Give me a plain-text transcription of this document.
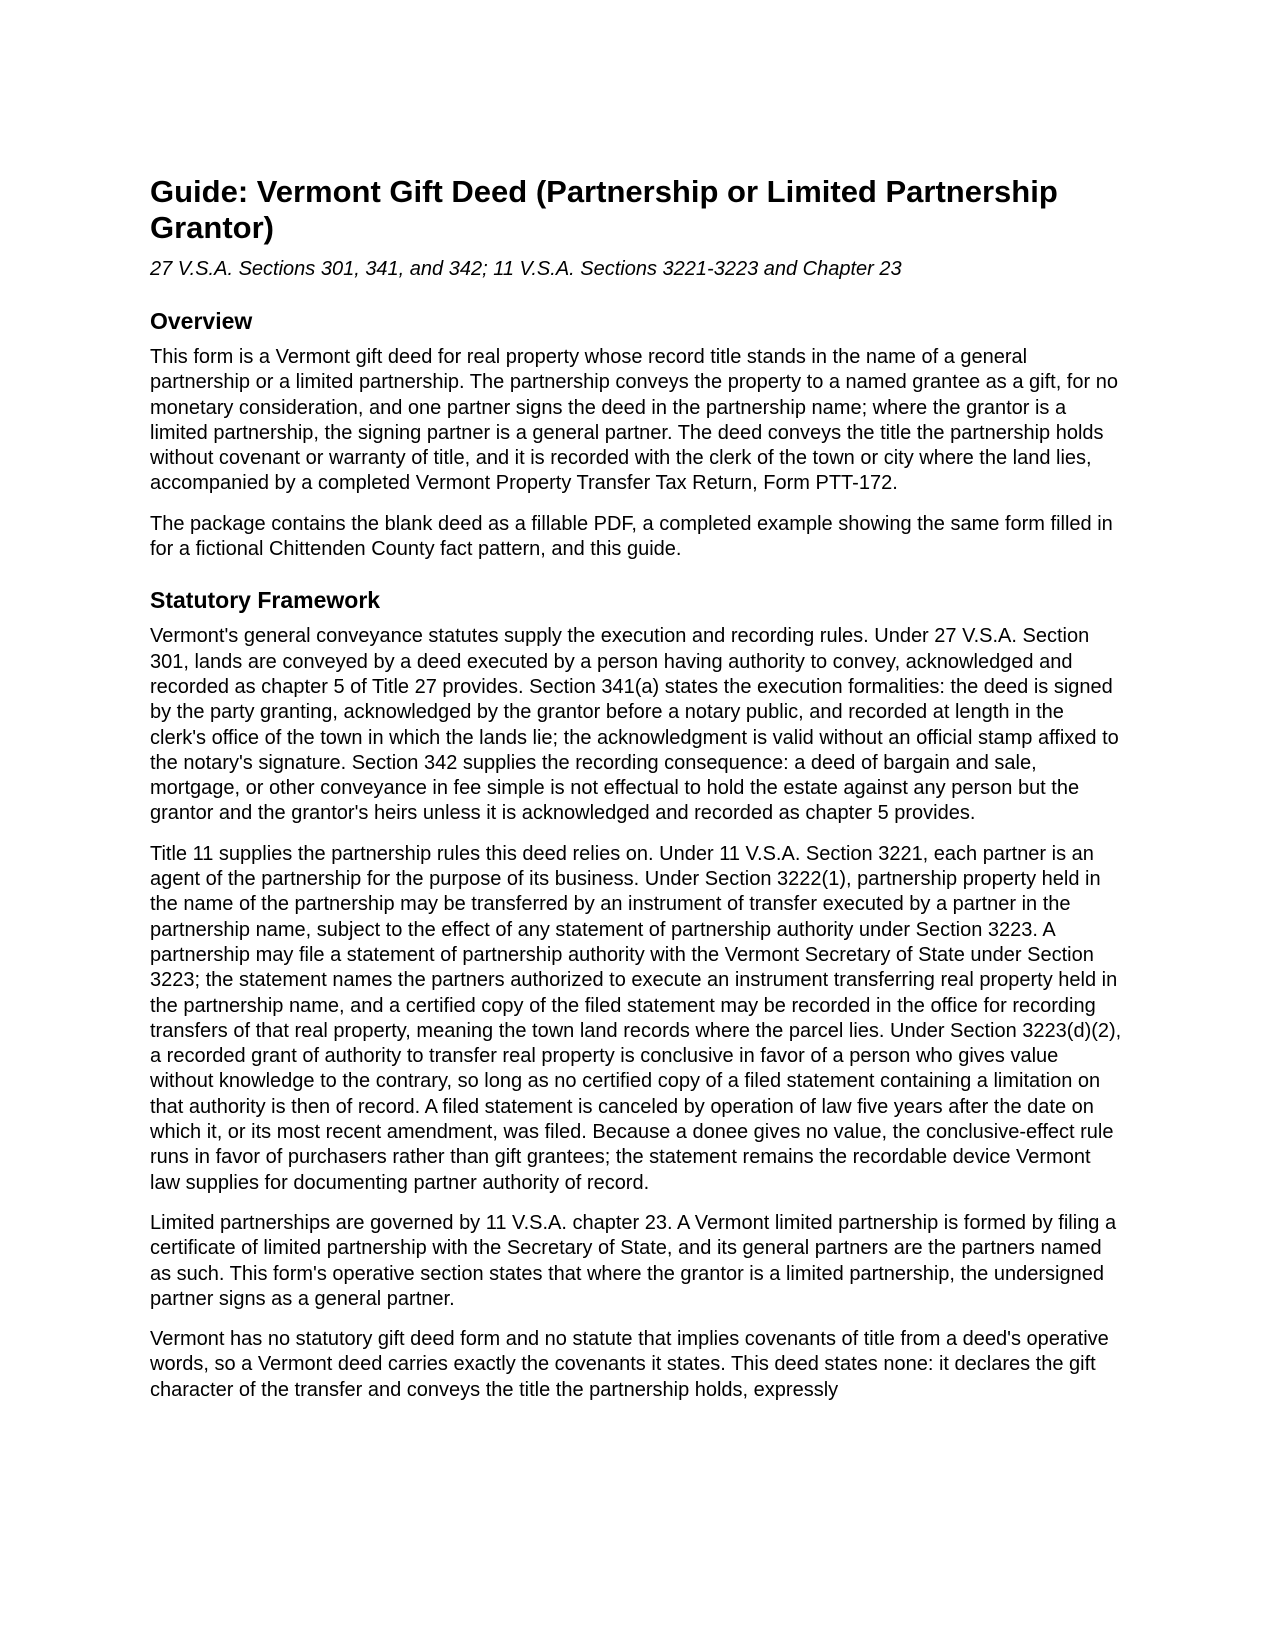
Guide: Vermont Gift Deed (Partnership or Limited Partnership Grantor)

27 V.S.A. Sections 301, 341, and 342; 11 V.S.A. Sections 3221-3223 and Chapter 23

Overview

This form is a Vermont gift deed for real property whose record title stands in the name of a general partnership or a limited partnership. The partnership conveys the property to a named grantee as a gift, for no monetary consideration, and one partner signs the deed in the partnership name; where the grantor is a limited partnership, the signing partner is a general partner. The deed conveys the title the partnership holds without covenant or warranty of title, and it is recorded with the clerk of the town or city where the land lies, accompanied by a completed Vermont Property Transfer Tax Return, Form PTT-172.

The package contains the blank deed as a fillable PDF, a completed example showing the same form filled in for a fictional Chittenden County fact pattern, and this guide.

Statutory Framework

Vermont's general conveyance statutes supply the execution and recording rules. Under 27 V.S.A. Section 301, lands are conveyed by a deed executed by a person having authority to convey, acknowledged and recorded as chapter 5 of Title 27 provides. Section 341(a) states the execution formalities: the deed is signed by the party granting, acknowledged by the grantor before a notary public, and recorded at length in the clerk's office of the town in which the lands lie; the acknowledgment is valid without an official stamp affixed to the notary's signature. Section 342 supplies the recording consequence: a deed of bargain and sale, mortgage, or other conveyance in fee simple is not effectual to hold the estate against any person but the grantor and the grantor's heirs unless it is acknowledged and recorded as chapter 5 provides.

Title 11 supplies the partnership rules this deed relies on. Under 11 V.S.A. Section 3221, each partner is an agent of the partnership for the purpose of its business. Under Section 3222(1), partnership property held in the name of the partnership may be transferred by an instrument of transfer executed by a partner in the partnership name, subject to the effect of any statement of partnership authority under Section 3223. A partnership may file a statement of partnership authority with the Vermont Secretary of State under Section 3223; the statement names the partners authorized to execute an instrument transferring real property held in the partnership name, and a certified copy of the filed statement may be recorded in the office for recording transfers of that real property, meaning the town land records where the parcel lies. Under Section 3223(d)(2), a recorded grant of authority to transfer real property is conclusive in favor of a person who gives value without knowledge to the contrary, so long as no certified copy of a filed statement containing a limitation on that authority is then of record. A filed statement is canceled by operation of law five years after the date on which it, or its most recent amendment, was filed. Because a donee gives no value, the conclusive-effect rule runs in favor of purchasers rather than gift grantees; the statement remains the recordable device Vermont law supplies for documenting partner authority of record.

Limited partnerships are governed by 11 V.S.A. chapter 23. A Vermont limited partnership is formed by filing a certificate of limited partnership with the Secretary of State, and its general partners are the partners named as such. This form's operative section states that where the grantor is a limited partnership, the undersigned partner signs as a general partner.

Vermont has no statutory gift deed form and no statute that implies covenants of title from a deed's operative words, so a Vermont deed carries exactly the covenants it states. This deed states none: it declares the gift character of the transfer and conveys the title the partnership holds, expressly
